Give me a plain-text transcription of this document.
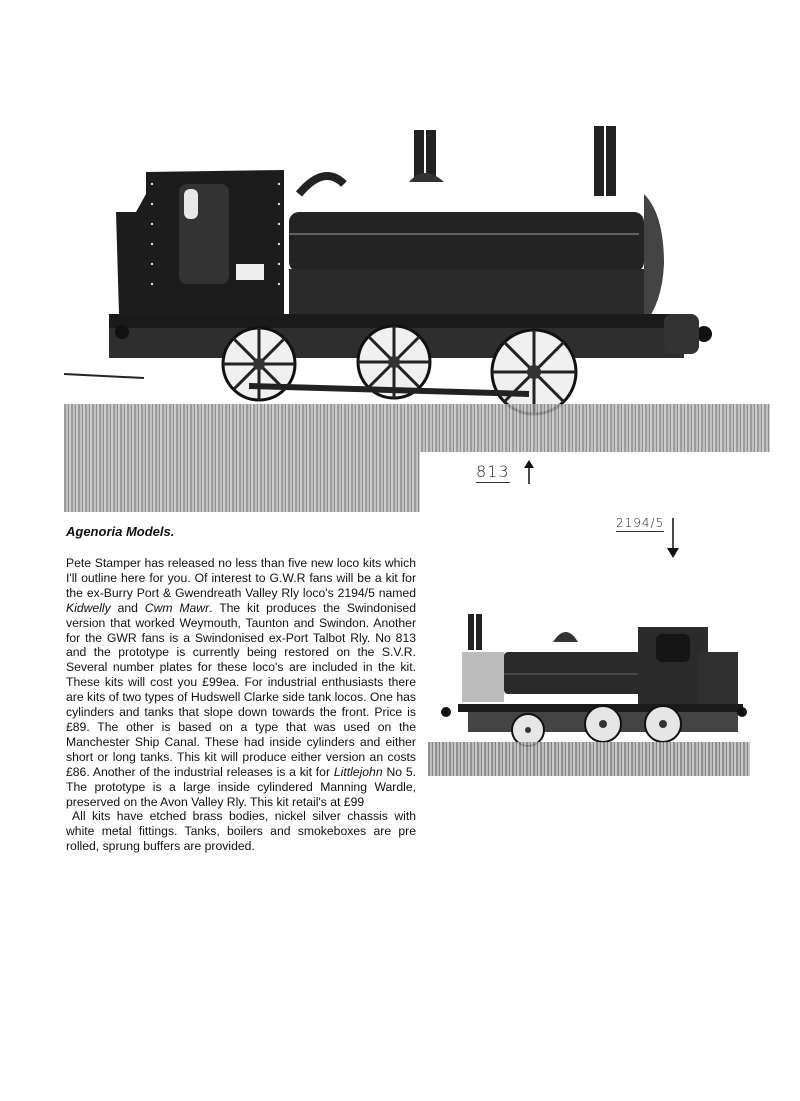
813
2194/5
Agenoria Models.

Pete Stamper has released no less than five new loco kits which I'll outline here for you. Of interest to G.W.R fans will be a kit for the ex-Burry Port & Gwendreath Valley Rly loco's 2194/5 named Kidwelly and Cwm Mawr. The kit produces the Swindonised version that worked Weymouth, Taunton and Swindon. Another for the GWR fans is a Swindonised ex-Port Talbot Rly. No 813 and the prototype is currently being restored on the S.V.R. Several number plates for these loco's are included in the kit. These kits will cost you £99ea. For industrial enthusiasts there are kits of two types of Hudswell Clarke side tank locos. One has cylinders and tanks that slope down towards the front. Price is £89. The other is based on a type that was used on the Manchester Ship Canal. These had inside cylinders and either short or long tanks. This kit will produce either version an costs £86. Another of the industrial releases is a kit for Littlejohn No 5. The prototype is a large inside cylindered Manning Wardle, preserved on the Avon Valley Rly. This kit retail's at £99

All kits have etched brass bodies, nickel silver chassis with white metal fittings. Tanks, boilers and smokeboxes are pre rolled, sprung buffers are provided.
